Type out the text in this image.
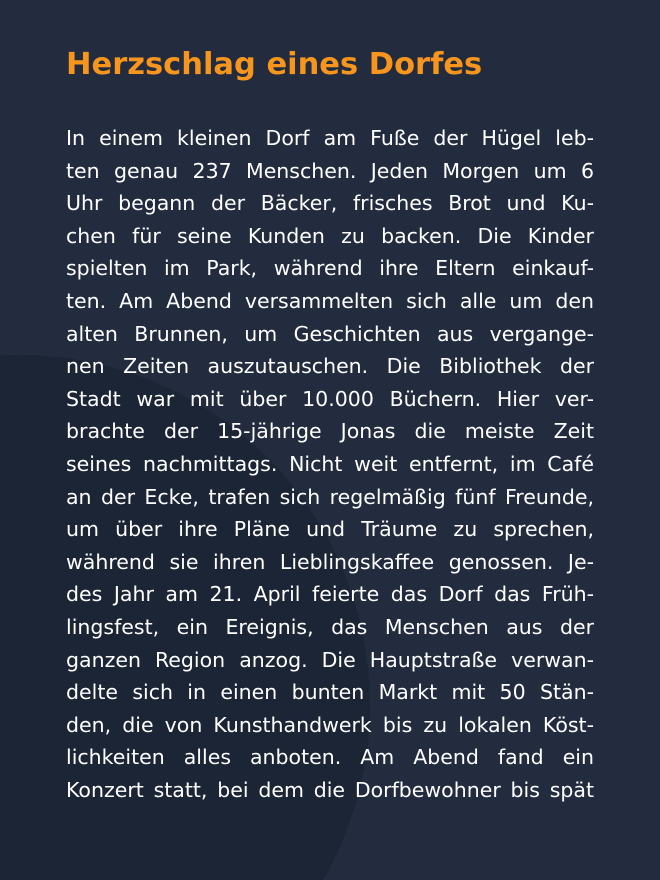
Herzschlag eines Dorfes
In einem kleinen Dorf am Fuße der Hügel leb-
ten genau 237 Menschen. Jeden Morgen um 6
Uhr begann der Bäcker, frisches Brot und Ku-
chen für seine Kunden zu backen. Die Kinder
spielten im Park, während ihre Eltern einkauf-
ten. Am Abend versammelten sich alle um den
alten Brunnen, um Geschichten aus vergange-
nen Zeiten auszutauschen. Die Bibliothek der
Stadt war mit über 10.000 Büchern. Hier ver-
brachte der 15-jährige Jonas die meiste Zeit
seines nachmittags. Nicht weit entfernt, im Café
an der Ecke, trafen sich regelmäßig fünf Freunde,
um über ihre Pläne und Träume zu sprechen,
während sie ihren Lieblingskaffee genossen. Je-
des Jahr am 21. April feierte das Dorf das Früh-
lingsfest, ein Ereignis, das Menschen aus der
ganzen Region anzog. Die Hauptstraße verwan-
delte sich in einen bunten Markt mit 50 Stän-
den, die von Kunsthandwerk bis zu lokalen Köst-
lichkeiten alles anboten. Am Abend fand ein
Konzert statt, bei dem die Dorfbewohner bis spät
